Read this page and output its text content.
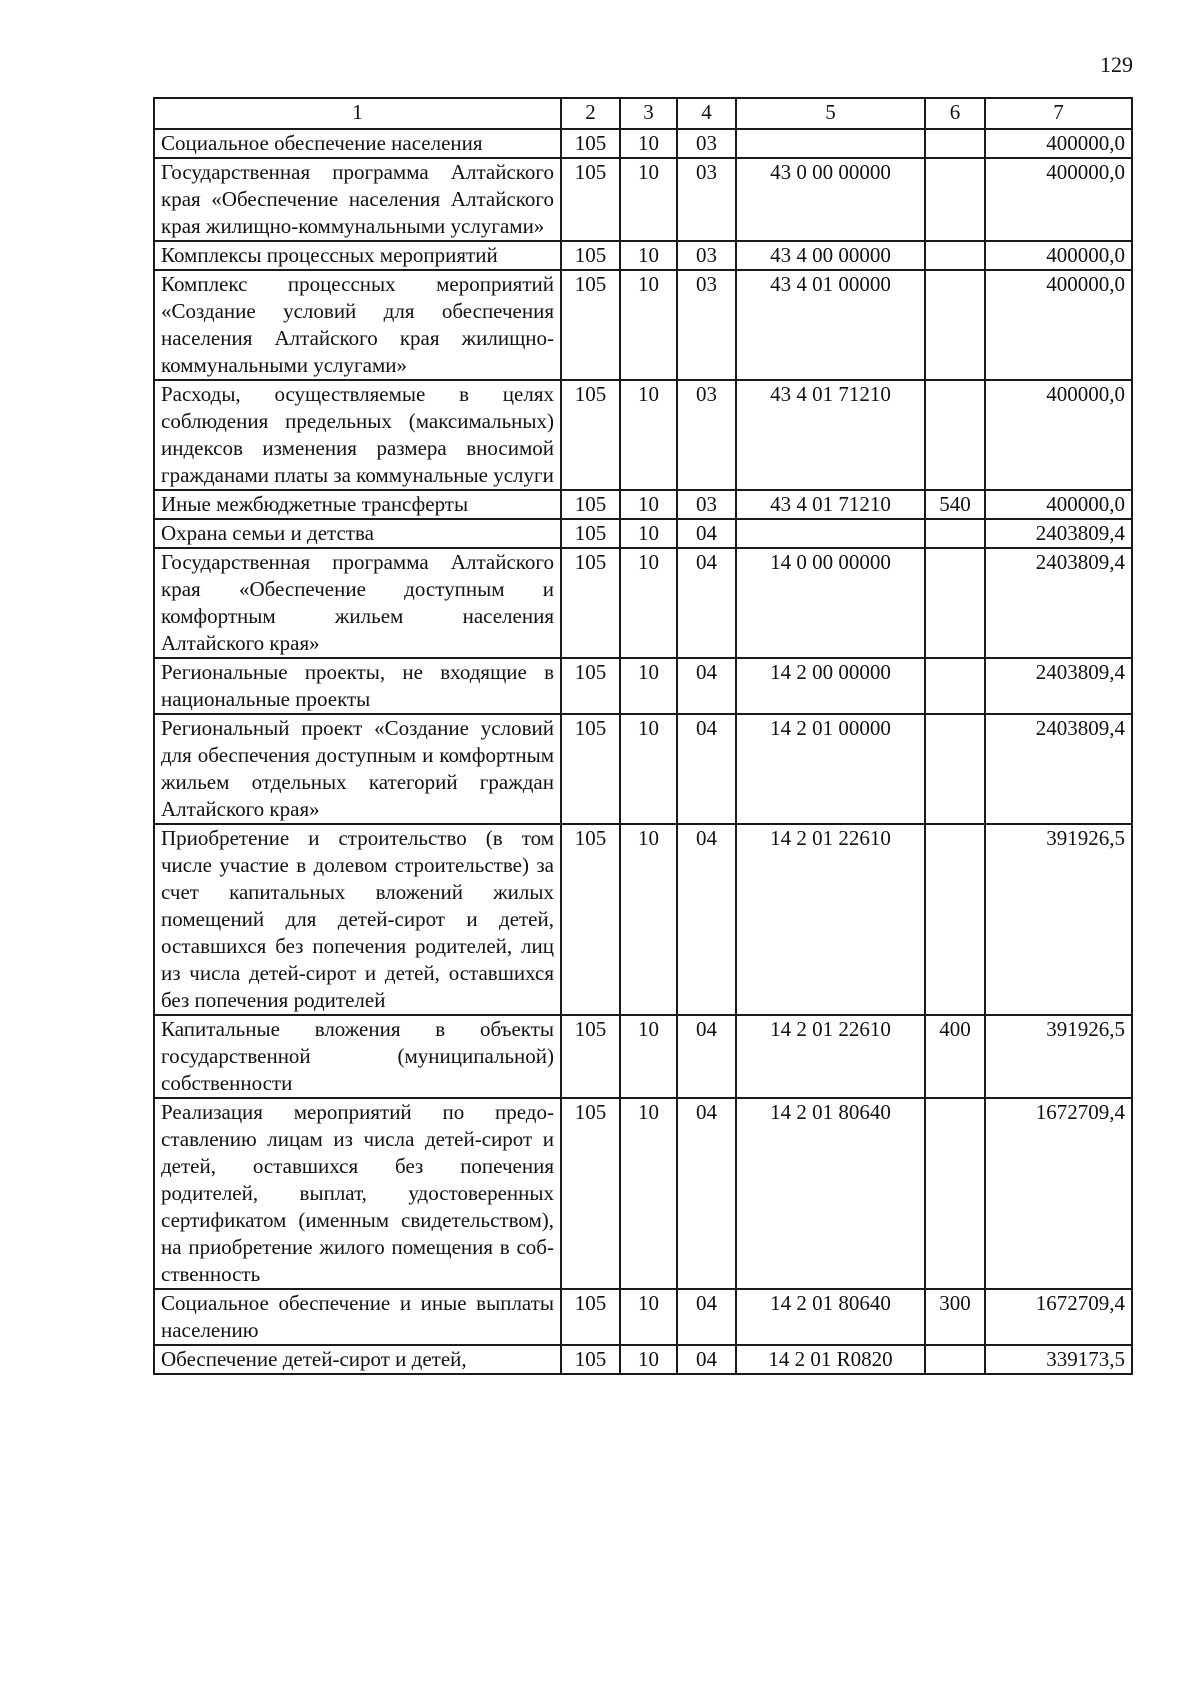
129
1	2	3	4	5	6	7
Социальное обеспечение населения	105	10	03			400000,0
Государственная программа Алтайского края «Обеспечение населения Алтайского края жилищно-коммунальными услугами»	105	10	03	43 0 00 00000		400000,0
Комплексы процессных мероприятий	105	10	03	43 4 00 00000		400000,0
Комплекс процессных мероприятий «Создание условий для обеспечения населения Алтайского края жилищно-коммунальными услугами»	105	10	03	43 4 01 00000		400000,0
Расходы, осуществляемые в целях соблюдения предельных (максимальных) индексов изменения размера вносимой гражданами платы за коммунальные услуги	105	10	03	43 4 01 71210		400000,0
Иные межбюджетные трансферты	105	10	03	43 4 01 71210	540	400000,0
Охрана семьи и детства	105	10	04			2403809,4
Государственная программа Алтайского края «Обеспечение доступным и комфортным жильем населения Алтайского края»	105	10	04	14 0 00 00000		2403809,4
Региональные проекты, не входящие в национальные проекты	105	10	04	14 2 00 00000		2403809,4
Региональный проект «Создание условий для обеспечения доступным и комфортным жильем отдельных категорий граждан Алтайского края»	105	10	04	14 2 01 00000		2403809,4
Приобретение и строительство (в том числе участие в долевом строительстве) за счет капитальных вложений жилых помещений для детей-сирот и детей, оставшихся без попечения родителей, лиц из числа детей-сирот и детей, оставшихся без попечения родителей	105	10	04	14 2 01 22610		391926,5
Капитальные вложения в объекты государственной (муниципальной) собственности	105	10	04	14 2 01 22610	400	391926,5
Реализация мероприятий по предоставлению лицам из числа детей-сирот и детей, оставшихся без попечения родителей, выплат, удостоверенных сертификатом (именным свидетельством), на приобретение жилого помещения в собственность	105	10	04	14 2 01 80640		1672709,4
Социальное обеспечение и иные выплаты населению	105	10	04	14 2 01 80640	300	1672709,4
Обеспечение детей-сирот и детей,	105	10	04	14 2 01 R0820		339173,5
